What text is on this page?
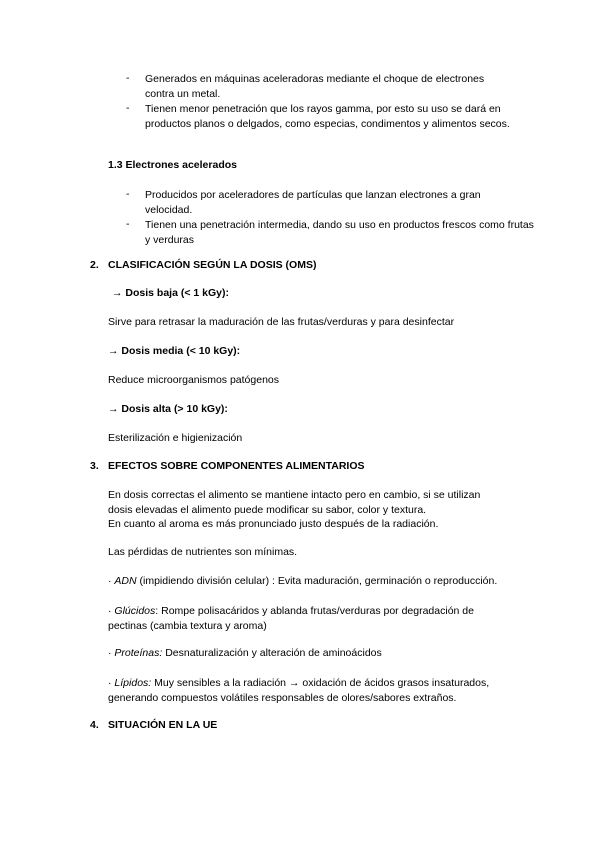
- Generados en máquinas aceleradoras mediante el choque de electrones contra un metal.
- Tienen menor penetración que los rayos gamma, por esto su uso se dará en productos planos o delgados, como especias, condimentos y alimentos secos.
1.3 Electrones acelerados
- Producidos por aceleradores de partículas que lanzan electrones a gran velocidad.
- Tienen una penetración intermedia, dando su uso en productos frescos como frutas y verduras
2. CLASIFICACIÓN SEGÚN LA DOSIS (OMS)
→ Dosis baja (< 1 kGy):
Sirve para retrasar la maduración de las frutas/verduras y para desinfectar
→ Dosis media (< 10 kGy):
Reduce microorganismos patógenos
→ Dosis alta (> 10 kGy):
Esterilización e higienización
3. EFECTOS SOBRE COMPONENTES ALIMENTARIOS
En dosis correctas el alimento se mantiene intacto pero en cambio, si se utilizan
dosis elevadas el alimento puede modificar su sabor, color y textura.
En cuanto al aroma es más pronunciado justo después de la radiación.
Las pérdidas de nutrientes son mínimas.
· ADN (impidiendo división celular) : Evita maduración, germinación o reproducción.
· Glúcidos: Rompe polisacáridos y ablanda frutas/verduras por degradación de
pectinas (cambia textura y aroma)
· Proteínas: Desnaturalización y alteración de aminoácidos
· Lípidos: Muy sensibles a la radiación → oxidación de ácidos grasos insaturados,
generando compuestos volátiles responsables de olores/sabores extraños.
4. SITUACIÓN EN LA UE
